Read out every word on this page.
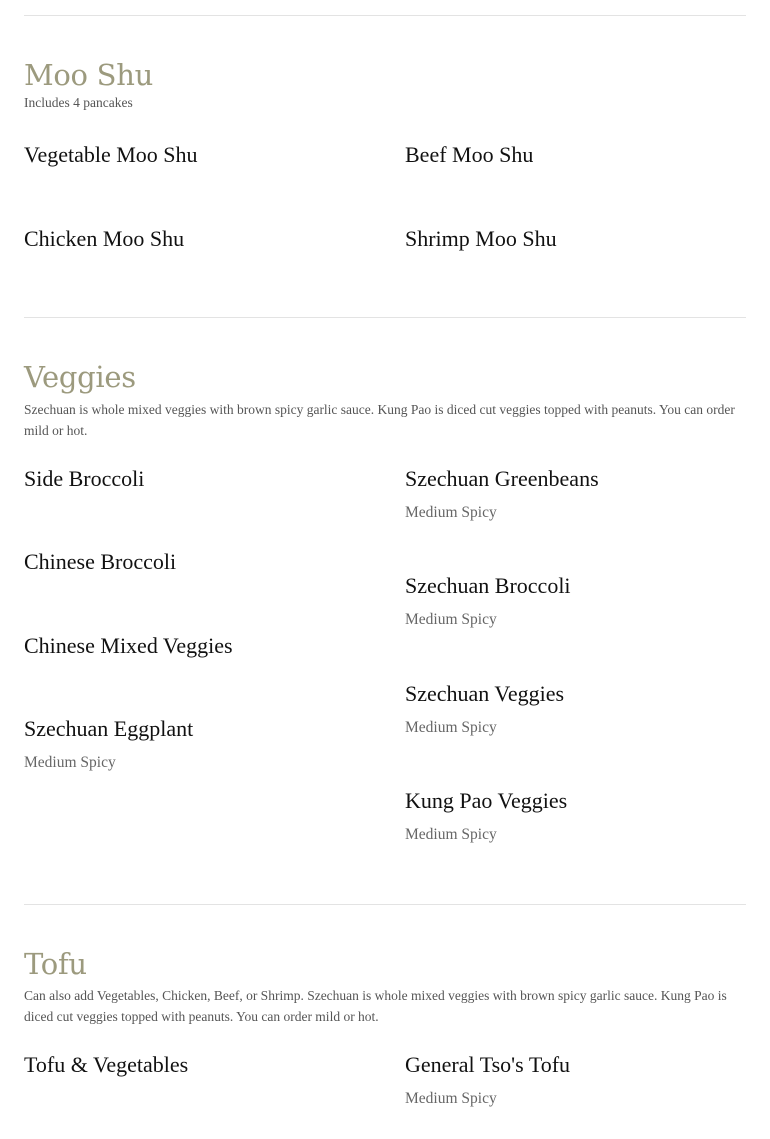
Moo Shu

Includes 4 pancakes

Vegetable Moo Shu	Beef Moo Shu

Chicken Moo Shu	Shrimp Moo Shu

Veggies

Szechuan is whole mixed veggies with brown spicy garlic sauce. Kung Pao is diced cut veggies topped with peanuts. You can order mild or hot.

Side Broccoli

Chinese Broccoli

Chinese Mixed Veggies

Szechuan Eggplant

Medium Spicy

Szechuan Greenbeans

Medium Spicy

Szechuan Broccoli

Medium Spicy

Szechuan Veggies

Medium Spicy

Kung Pao Veggies

Medium Spicy

Tofu

Can also add Vegetables, Chicken, Beef, or Shrimp. Szechuan is whole mixed veggies with brown spicy garlic sauce. Kung Pao is diced cut veggies topped with peanuts. You can order mild or hot.

Tofu & Vegetables	General Tso's Tofu

Medium Spicy
